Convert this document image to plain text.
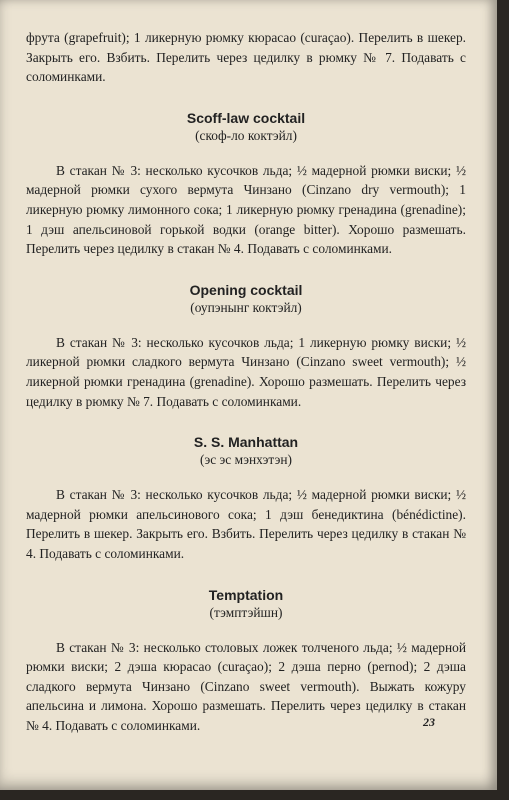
фрута (grapefruit); 1 ликерную рюмку кюрасао (curaçao). Перелить в шекер. Закрыть его. Взбить. Перелить через цедилку в рюмку № 7. Подавать с соломинками.

Scoff-law cocktail

(скоф-ло коктэйл)

В стакан № 3: несколько кусочков льда; ½ мадерной рюмки виски; ½ мадерной рюмки сухого вермута Чинзано (Cinzano dry vermouth); 1 ликерную рюмку лимонного сока; 1 ликерную рюмку гренадина (grenadine); 1 дэш апельсиновой горькой водки (orange bitter). Хорошо размешать. Перелить через цедилку в стакан № 4. Подавать с соломинками.

Opening cocktail

(оупэнынг коктэйл)

В стакан № 3: несколько кусочков льда; 1 ликерную рюмку виски; ½ ликерной рюмки сладкого вермута Чинзано (Cinzano sweet vermouth); ½ ликерной рюмки гренадина (grenadine). Хорошо размешать. Перелить через цедилку в рюмку № 7. Подавать с соломинками.

S. S. Manhattan

(эс эс мэнхэтэн)

В стакан № 3: несколько кусочков льда; ½ мадерной рюмки виски; ½ мадерной рюмки апельсинового сока; 1 дэш бенедиктина (bénédictine). Перелить в шекер. Закрыть его. Взбить. Перелить через цедилку в стакан № 4. Подавать с соломинками.

Temptation

(тэмптэйшн)

В стакан № 3: несколько столовых ложек толченого льда; ½ мадерной рюмки виски; 2 дэша кюрасао (curaçao); 2 дэша перно (pernod); 2 дэша сладкого вермута Чинзано (Cinzano sweet vermouth). Выжать кожуру апельсина и лимона. Хорошо размешать. Перелить через цедилку в стакан № 4. Подавать с соломинками.	23
